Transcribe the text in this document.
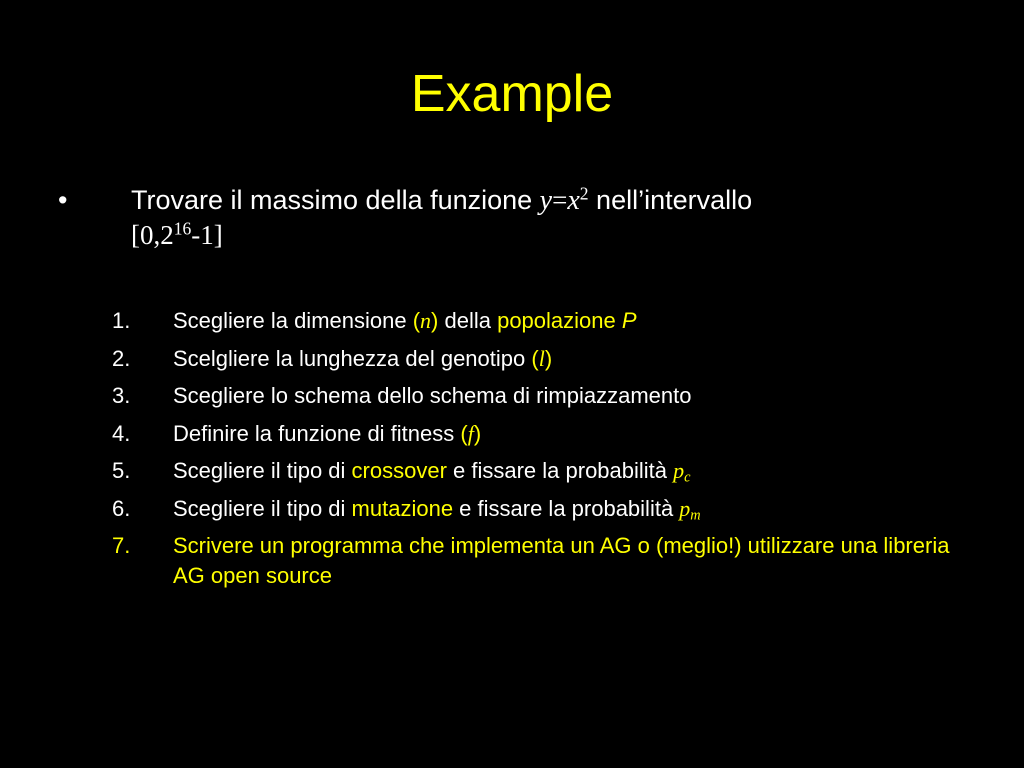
Example
• Trovare il massimo della funzione $y=x^2$ nell’intervallo
$[0,2^{16}-1]$
1. Scegliere la dimensione (n) della popolazione P
2. Scelgliere la lunghezza del genotipo (l)
3. Scegliere lo schema dello schema di rimpiazzamento
4. Definire la funzione di fitness (f)
5. Scegliere il tipo di crossover e fissare la probabilità $p_c$
6. Scegliere il tipo di mutazione e fissare la probabilità $p_m$
7. Scrivere un programma che implementa un AG o (meglio!) utilizzare una libreria AG open source
